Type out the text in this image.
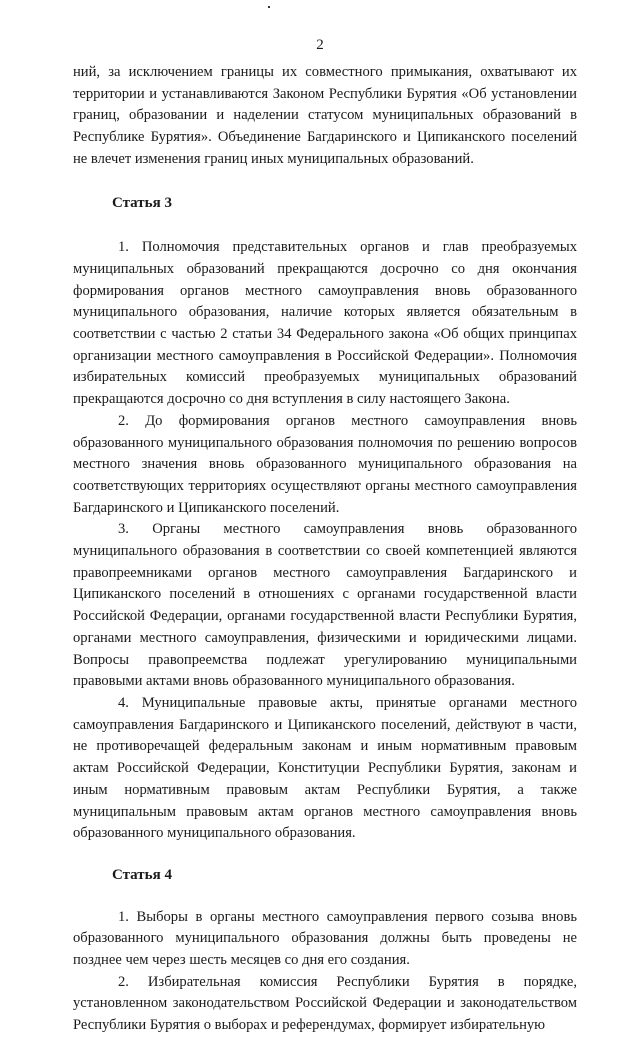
2

ний, за исключением границы их совместного примыкания, охватывают их территории и устанавливаются Законом Республики Бурятия «Об установлении границ, образовании и наделении статусом муниципальных образований в Республике Бурятия». Объединение Багдаринского и Ципиканского поселений не влечет изменения границ иных муниципальных образований.

Статья 3

1. Полномочия представительных органов и глав преобразуемых муниципальных образований прекращаются досрочно со дня окончания формирования органов местного самоуправления вновь образованного муниципального образования, наличие которых является обязательным в соответствии с частью 2 статьи 34 Федерального закона «Об общих принципах организации местного самоуправления в Российской Федерации». Полномочия избирательных комиссий преобразуемых муниципальных образований прекращаются досрочно со дня вступления в силу настоящего Закона.

2. До формирования органов местного самоуправления вновь образованного муниципального образования полномочия по решению вопросов местного значения вновь образованного муниципального образования на соответствующих территориях осуществляют органы местного самоуправления Багдаринского и Ципиканского поселений.

3. Органы местного самоуправления вновь образованного муниципального образования в соответствии со своей компетенцией являются правопреемниками органов местного самоуправления Багдаринского и Ципиканского поселений в отношениях с органами государственной власти Российской Федерации, органами государственной власти Республики Бурятия, органами местного самоуправления, физическими и юридическими лицами. Вопросы правопреемства подлежат урегулированию муниципальными правовыми актами вновь образованного муниципального образования.

4. Муниципальные правовые акты, принятые органами местного самоуправления Багдаринского и Ципиканского поселений, действуют в части, не противоречащей федеральным законам и иным нормативным правовым актам Российской Федерации, Конституции Республики Бурятия, законам и иным нормативным правовым актам Республики Бурятия, а также муниципальным правовым актам органов местного самоуправления вновь образованного муниципального образования.

Статья 4

1. Выборы в органы местного самоуправления первого созыва вновь образованного муниципального образования должны быть проведены не позднее чем через шесть месяцев со дня его создания.

2. Избирательная комиссия Республики Бурятия в порядке, установленном законодательством Российской Федерации и законодательством Республики Бурятия о выборах и референдумах, формирует избирательную
